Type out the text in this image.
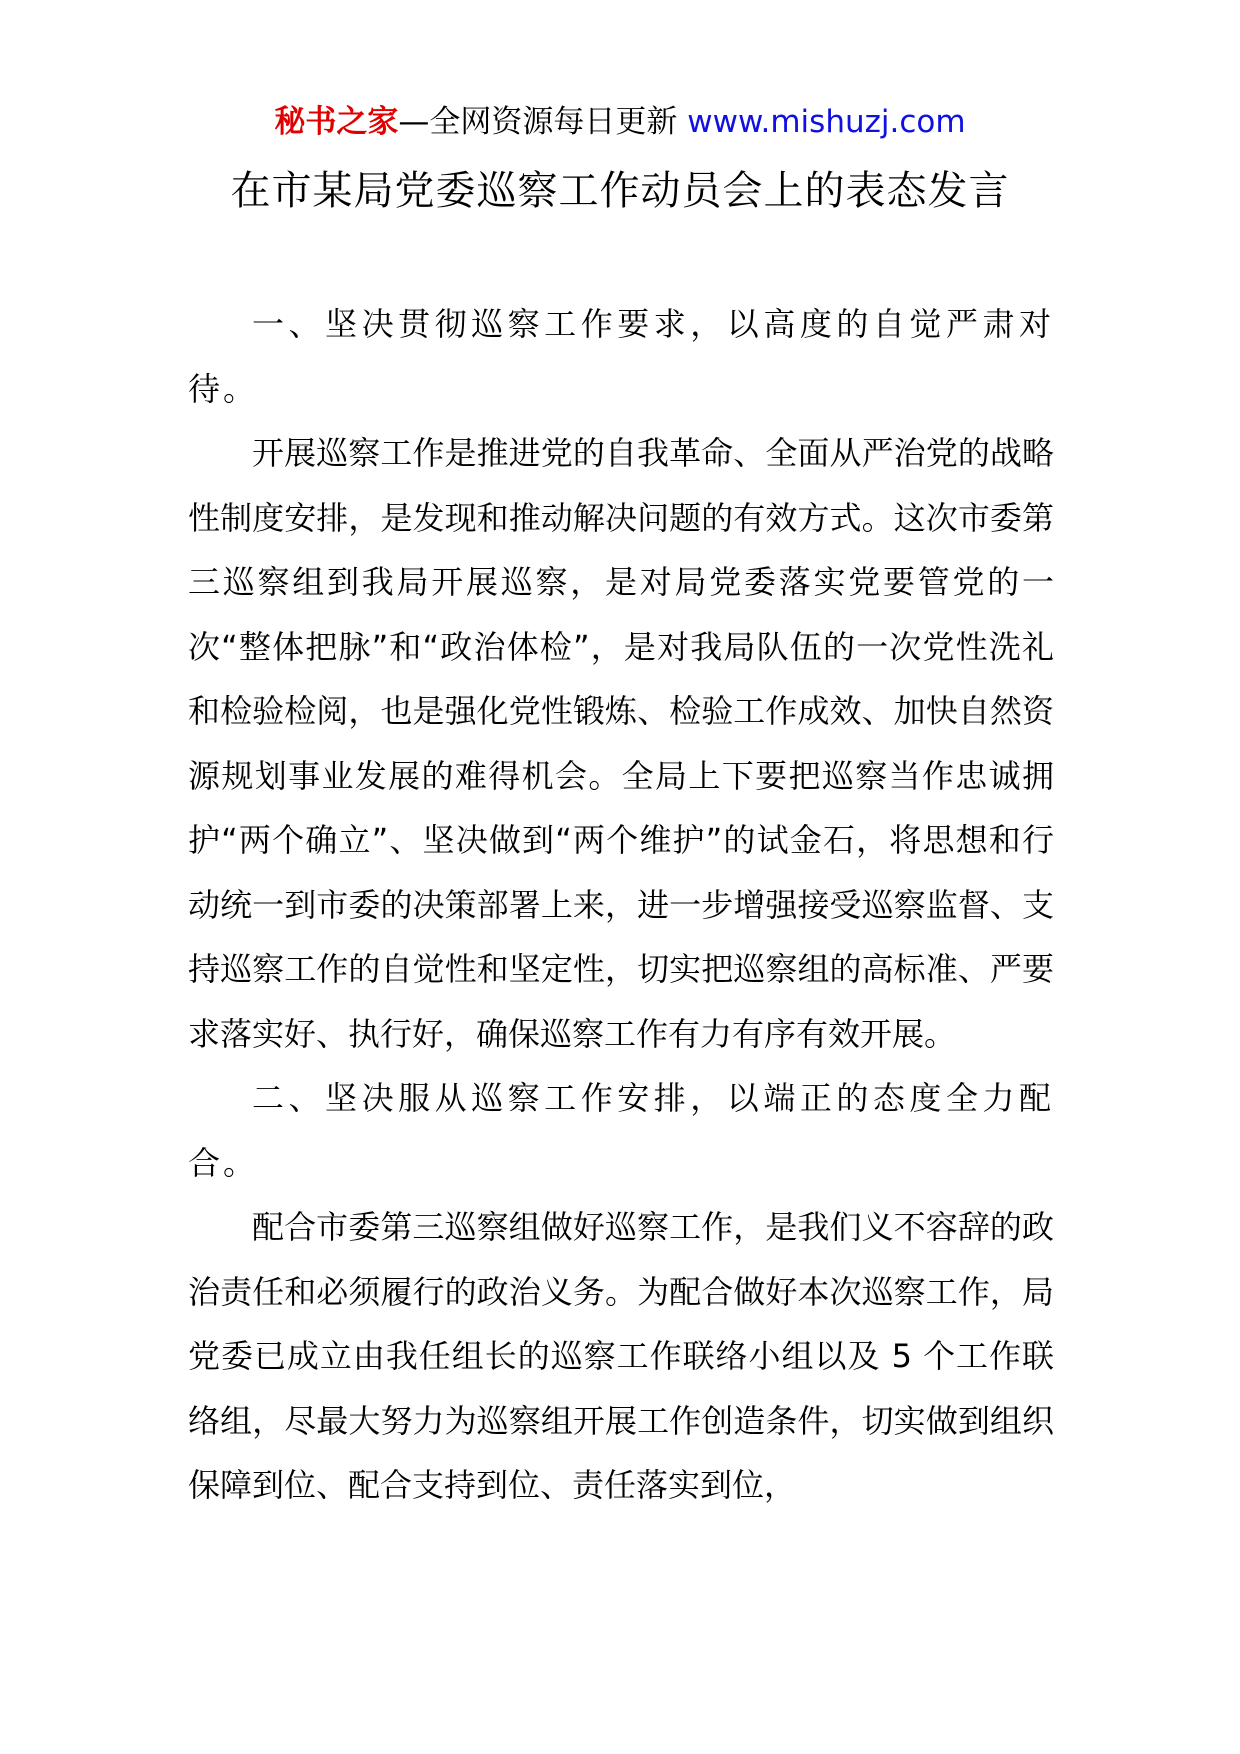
秘书之家—全网资源每日更新 www.mishuzj.com
在市某局党委巡察工作动员会上的表态发言

一、坚决贯彻巡察工作要求，以高度的自觉严肃对待。

开展巡察工作是推进党的自我革命、全面从严治党的战略性制度安排，是发现和推动解决问题的有效方式。这次市委第三巡察组到我局开展巡察，是对局党委落实党要管党的一次“整体把脉”和“政治体检”，是对我局队伍的一次党性洗礼和检验检阅，也是强化党性锻炼、检验工作成效、加快自然资源规划事业发展的难得机会。全局上下要把巡察当作忠诚拥护“两个确立”、坚决做到“两个维护”的试金石，将思想和行动统一到市委的决策部署上来，进一步增强接受巡察监督、支持巡察工作的自觉性和坚定性，切实把巡察组的高标准、严要求落实好、执行好，确保巡察工作有力有序有效开展。

二、坚决服从巡察工作安排，以端正的态度全力配合。

配合市委第三巡察组做好巡察工作，是我们义不容辞的政治责任和必须履行的政治义务。为配合做好本次巡察工作，局党委已成立由我任组长的巡察工作联络小组以及 5 个工作联络组，尽最大努力为巡察组开展工作创造条件，切实做到组织保障到位、配合支持到位、责任落实到位，
